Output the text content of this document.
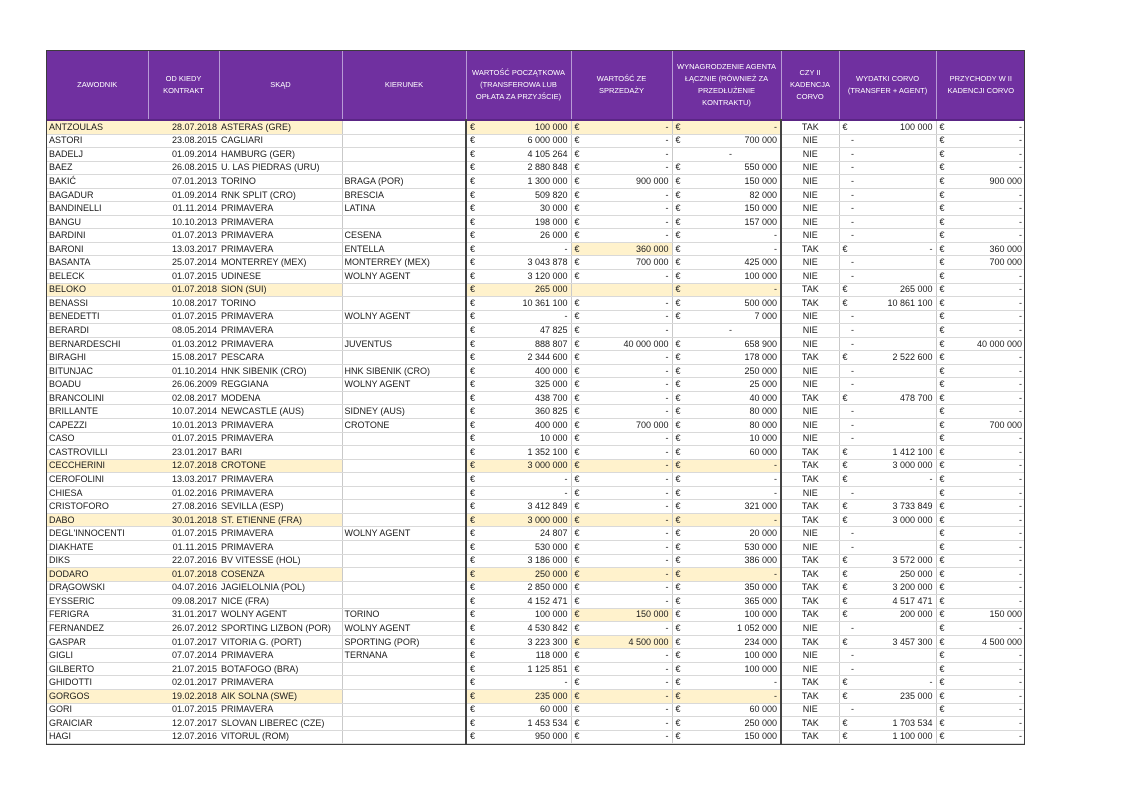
ZAWODNIK	OD KIEDY KONTRAKT	SKĄD	KIERUNEK	WARTOŚĆ POCZĄTKOWA (TRANSFEROWA LUB OPŁATA ZA PRZYJŚCIE)		WARTOŚĆ ZE SPRZEDAŻY		WYNAGRODZENIE AGENTA ŁĄCZNIE (RÓWNIEŻ ZA PRZEDŁUŻENIE KONTRAKTU)		CZY II KADENCJA CORVO	WYDATKI CORVO (TRANSFER + AGENT)		PRZYCHODY W II KADENCJI CORVO	
ANTZOULAS	28.07.2018	ASTERAS (GRE)		€	100 000	€	-	€	-	TAK	€	100 000	€	-
ASTORI	23.08.2015	CAGLIARI		€	6 000 000	€	-	€	700 000	NIE		-	€	-
BADELJ	01.09.2014	HAMBURG (GER)		€	4 105 264	€	-		-	NIE		-	€	-
BAEZ	26.08.2015	U. LAS PIEDRAS (URU)		€	2 880 848	€	-	€	550 000	NIE		-	€	-
BAKIĆ	07.01.2013	TORINO	BRAGA (POR)	€	1 300 000	€	900 000	€	150 000	NIE		-	€	900 000
BAGADUR	01.09.2014	RNK SPLIT (CRO)	BRESCIA	€	509 820	€	-	€	82 000	NIE		-	€	-
BANDINELLI	01.11.2014	PRIMAVERA	LATINA	€	30 000	€	-	€	150 000	NIE		-	€	-
BANGU	10.10.2013	PRIMAVERA		€	198 000	€	-	€	157 000	NIE		-	€	-
BARDINI	01.07.2013	PRIMAVERA	CESENA	€	26 000	€	-	€	-	NIE		-	€	-
BARONI	13.03.2017	PRIMAVERA	ENTELLA	€	-	€	360 000	€	-	TAK	€	-	€	360 000
BASANTA	25.07.2014	MONTERREY (MEX)	MONTERREY (MEX)	€	3 043 878	€	700 000	€	425 000	NIE		-	€	700 000
BELECK	01.07.2015	UDINESE	WOLNY AGENT	€	3 120 000	€	-	€	100 000	NIE		-	€	-
BELOKO	01.07.2018	SION (SUI)		€	265 000			€	-	TAK	€	265 000	€	-
BENASSI	10.08.2017	TORINO		€	10 361 100	€	-	€	500 000	TAK	€	10 861 100	€	-
BENEDETTI	01.07.2015	PRIMAVERA	WOLNY AGENT	€	-	€	-	€	7 000	NIE		-	€	-
BERARDI	08.05.2014	PRIMAVERA		€	47 825	€	-		-	NIE		-	€	-
BERNARDESCHI	01.03.2012	PRIMAVERA	JUVENTUS	€	888 807	€	40 000 000	€	658 900	NIE		-	€	40 000 000
BIRAGHI	15.08.2017	PESCARA		€	2 344 600	€	-	€	178 000	TAK	€	2 522 600	€	-
BITUNJAC	01.10.2014	HNK SIBENIK (CRO)	HNK SIBENIK (CRO)	€	400 000	€	-	€	250 000	NIE		-	€	-
BOADU	26.06.2009	REGGIANA	WOLNY AGENT	€	325 000	€	-	€	25 000	NIE		-	€	-
BRANCOLINI	02.08.2017	MODENA		€	438 700	€	-	€	40 000	TAK	€	478 700	€	-
BRILLANTE	10.07.2014	NEWCASTLE (AUS)	SIDNEY (AUS)	€	360 825	€	-	€	80 000	NIE		-	€	-
CAPEZZI	10.01.2013	PRIMAVERA	CROTONE	€	400 000	€	700 000	€	80 000	NIE		-	€	700 000
CASO	01.07.2015	PRIMAVERA		€	10 000	€	-	€	10 000	NIE		-	€	-
CASTROVILLI	23.01.2017	BARI		€	1 352 100	€	-	€	60 000	TAK	€	1 412 100	€	-
CECCHERINI	12.07.2018	CROTONE		€	3 000 000	€	-	€	-	TAK	€	3 000 000	€	-
CEROFOLINI	13.03.2017	PRIMAVERA		€	-	€	-	€	-	TAK	€	-	€	-
CHIESA	01.02.2016	PRIMAVERA		€	-	€	-	€	-	NIE		-	€	-
CRISTOFORO	27.08.2016	SEVILLA (ESP)		€	3 412 849	€	-	€	321 000	TAK	€	3 733 849	€	-
DABO	30.01.2018	ST. ETIENNE (FRA)		€	3 000 000	€	-	€	-	TAK	€	3 000 000	€	-
DEGL'INNOCENTI	01.07.2015	PRIMAVERA	WOLNY AGENT	€	24 807	€	-	€	20 000	NIE		-	€	-
DIAKHATE	01.11.2015	PRIMAVERA		€	530 000	€	-	€	530 000	NIE		-	€	-
DIKS	22.07.2016	BV VITESSE (HOL)		€	3 186 000	€	-	€	386 000	TAK	€	3 572 000	€	-
DODARO	01.07.2018	COSENZA		€	250 000	€	-	€	-	TAK	€	250 000	€	-
DRĄGOWSKI	04.07.2016	JAGIELOLNIA (POL)		€	2 850 000	€	-	€	350 000	TAK	€	3 200 000	€	-
EYSSERIC	09.08.2017	NICE (FRA)		€	4 152 471	€	-	€	365 000	TAK	€	4 517 471	€	-
FERIGRA	31.01.2017	WOLNY AGENT	TORINO	€	100 000	€	150 000	€	100 000	TAK	€	200 000	€	150 000
FERNANDEZ	26.07.2012	SPORTING LIZBON (POR)	WOLNY AGENT	€	4 530 842	€	-	€	1 052 000	NIE		-	€	-
GASPAR	01.07.2017	VITORIA G. (PORT)	SPORTING (POR)	€	3 223 300	€	4 500 000	€	234 000	TAK	€	3 457 300	€	4 500 000
GIGLI	07.07.2014	PRIMAVERA	TERNANA	€	118 000	€	-	€	100 000	NIE		-	€	-
GILBERTO	21.07.2015	BOTAFOGO (BRA)		€	1 125 851	€	-	€	100 000	NIE		-	€	-
GHIDOTTI	02.01.2017	PRIMAVERA		€	-	€	-	€	-	TAK	€	-	€	-
GORGOS	19.02.2018	AIK SOLNA (SWE)		€	235 000	€	-	€	-	TAK	€	235 000	€	-
GORI	01.07.2015	PRIMAVERA		€	60 000	€	-	€	60 000	NIE		-	€	-
GRAICIAR	12.07.2017	SLOVAN LIBEREC (CZE)		€	1 453 534	€	-	€	250 000	TAK	€	1 703 534	€	-
HAGI	12.07.2016	VITORUL (ROM)		€	950 000	€	-	€	150 000	TAK	€	1 100 000	€	-
